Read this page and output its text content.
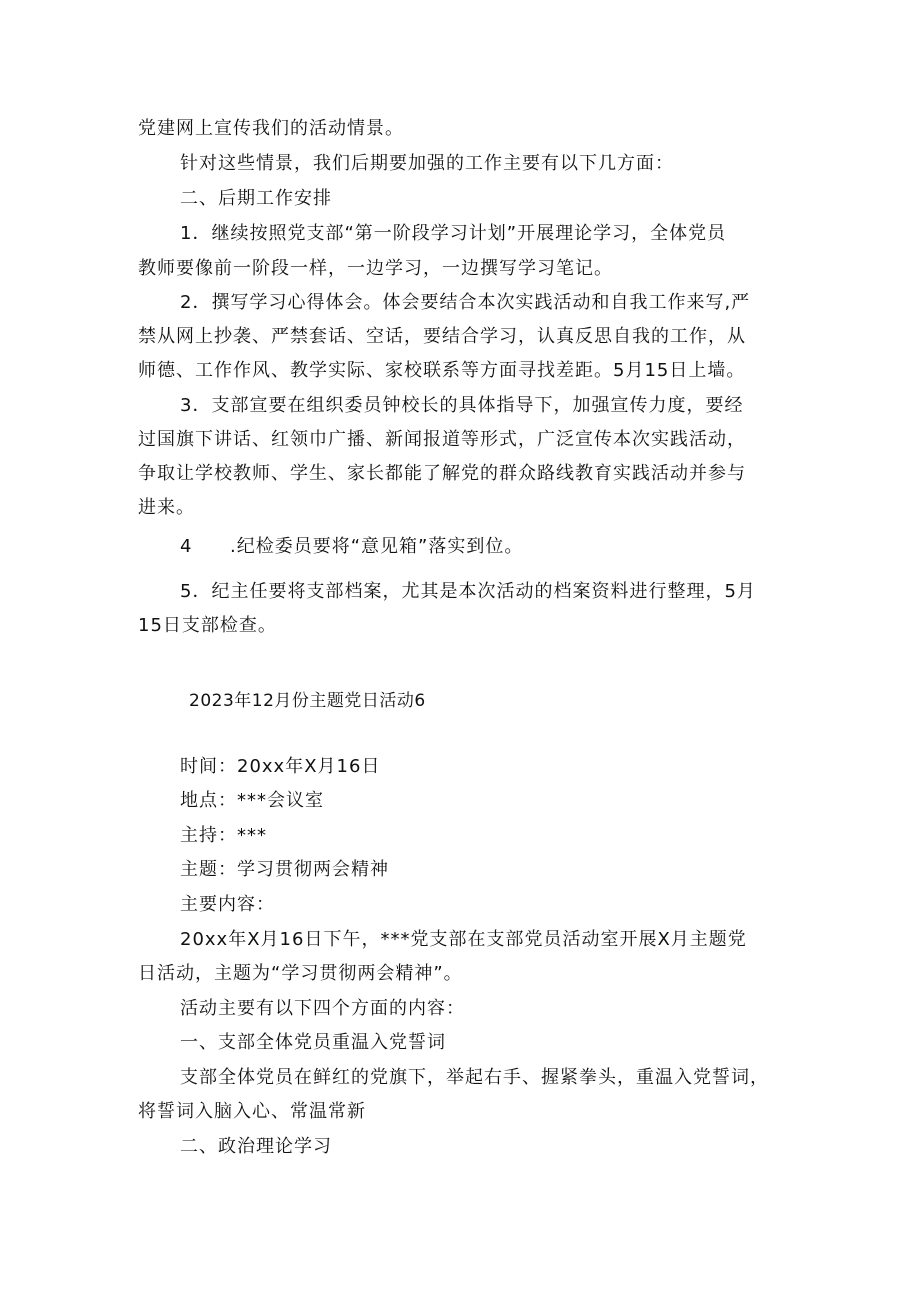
党建网上宣传我们的活动情景。
针对这些情景，我们后期要加强的工作主要有以下几方面：
二、后期工作安排
1．继续按照党支部“第一阶段学习计划”开展理论学习，全体党员
教师要像前一阶段一样，一边学习，一边撰写学习笔记。
2．撰写学习心得体会。体会要结合本次实践活动和自我工作来写,严
禁从网上抄袭、严禁套话、空话，要结合学习，认真反思自我的工作，从
师德、工作作风、教学实际、家校联系等方面寻找差距。5月15日上墙。
3．支部宣要在组织委员钟校长的具体指导下，加强宣传力度，要经
过国旗下讲话、红领巾广播、新闻报道等形式，广泛宣传本次实践活动，
争取让学校教师、学生、家长都能了解党的群众路线教育实践活动并参与
进来。
4 .纪检委员要将“意见箱”落实到位。
5．纪主任要将支部档案，尤其是本次活动的档案资料进行整理，5月
15日支部检查。
2023年12月份主题党日活动6
时间：20xx年X月16日
地点：***会议室
主持：***
主题：学习贯彻两会精神
主要内容：
20xx年X月16日下午，***党支部在支部党员活动室开展X月主题党
日活动，主题为“学习贯彻两会精神”。
活动主要有以下四个方面的内容：
一、支部全体党员重温入党誓词
支部全体党员在鲜红的党旗下，举起右手、握紧拳头，重温入党誓词，
将誓词入脑入心、常温常新
二、政治理论学习
